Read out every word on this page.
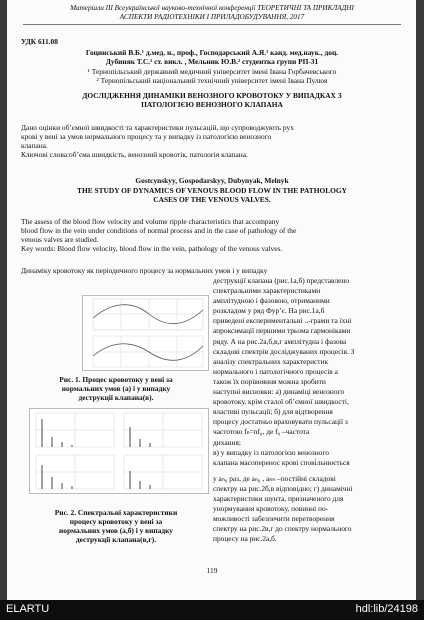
Матеріали ІІІ Всеукраїнської науково-технічної конференції ТЕОРЕТИЧНІ ТА ПРИКЛАДНІ
АСПЕКТИ РАДІОТЕХНІКИ І ПРИЛАДОБУДУВАННЯ, 2017
УДК 611.08
Гоцинський В.Б.¹ д.мед. н., проф., Господарський А.Я.¹ канд. мед.наук., доц.
Дубиняк Т.С.² ст. викл. , Мельник Ю.В.² студентка групи РП-31
¹ Тернопільський державний медичний університет імені Івана Горбачевського
² Тернопільський національний технічний університет імені Івана Пулюя
ДОСЛІДЖЕННЯ ДИНАМІКИ ВЕНОЗНОГО КРОВОТОКУ У ВИПАДКАХ З
ПАТОЛОГІЄЮ ВЕНОЗНОГО КЛАПАНА
Дано оцінки об’ємної швидкості та характеристики пульсацій, що супроводжують рух
крові у вені за умов нормального процесу та у випадку із патологією венозного
клапана.
Ключові слова:об’єма швидкість, венозний кровотік, патологія клапана.
Gostcynskyy, Gospodarskyy, Dubynyak, Melnyk
THE STUDY OF DYNAMICS OF VENOUS BLOOD FLOW IN THE PATHOLOGY
CASES OF THE VENOUS VALVES.
The assess of the blood flow velocity and volume ripple characteristics that accompany
blood flow in the vein under conditions of normal process and in the case of pathology of the
venous valves are studied.
Key words: Blood flow velocity, blood flow in the vein, pathology of the venous valves.
Динаміку кровотоку як періодичного процесу за нормальних умов і у випадку
Рис. 1. Процес кровотоку у вені за
нормальних умов (а) і у випадку
деструкції клапана(в).
Рис. 2. Спектральні характеристики
процесу кровотоку у вені за
нормальних умов (а,б) і у випадку
деструкції клапана(в,г).
деструкції клапана (рис.1а,б) представлено
спектральними характеристиками
амплітудною і фазовою, отриманими
розкладом у ряд Фур’є. На рис.1а,б
приведені експериментальні ..-грами та їхні
апроксимації першими трьома гармоніками
ряду. А на рис.2а,б,в,г амплітудна і фазова
складові спектрів досліджуваних процесів. З
аналізу спектральних характеристик
нормального і патологічного процесів а
також їх порівняння можна зробити
наступні висновки: а) динаміці венозного
кровотоку, крім сталої об’ємної швидкості,
властиві пульсації; б) для відтворення
процесу достатньо враховувати пульсації з
частотою fₙ=nf₀, де f₀ –частота
дихання;
в) у випадку із патологією венозного
клапана масоперенос крові спові́льнюється
у aₙ₀ раз, де aₙ₀ , aₙₙ –постійні складові
спектру на рис.2б,в відповідно; г) динамічні
характеристики шунта, призначеного для
унормування кровотоку, повинні по-
можливості забезпечити перетворення
спектру на рис.2в,г до спектру нормального
процесу на рис.2а,б.
119
ELARTU	hdl:lib/24198
